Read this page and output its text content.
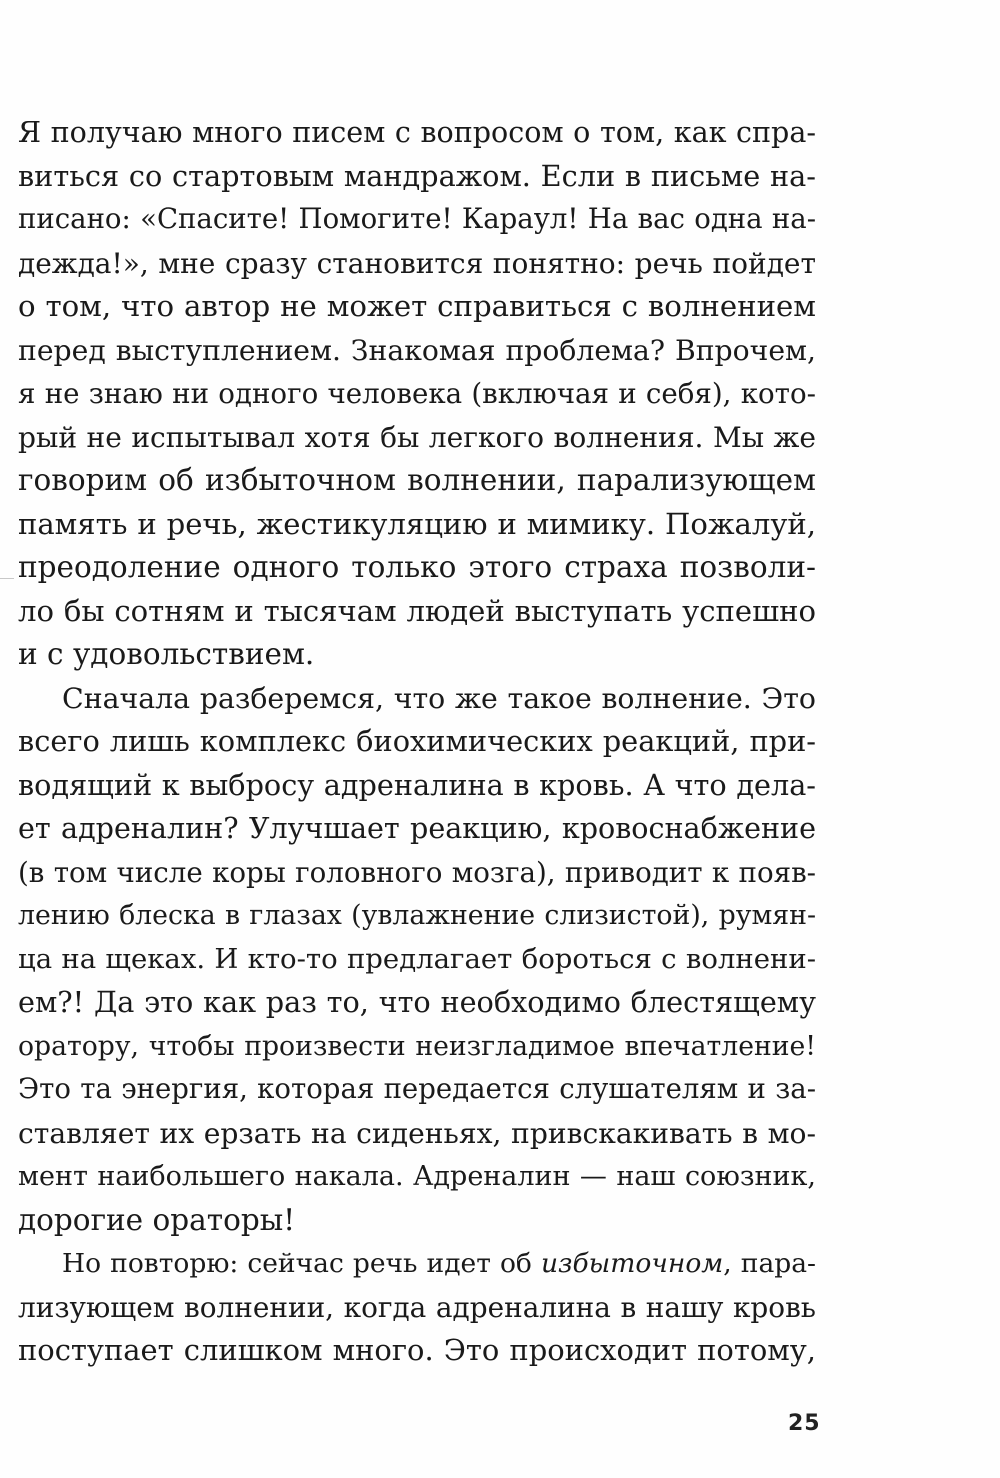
Я получаю много писем с вопросом о том, как спра-
виться со стартовым мандражом. Если в письме на-
писано: «Спасите! Помогите! Караул! На вас одна на-
дежда!», мне сразу становится понятно: речь пойдет
о том, что автор не может справиться с волнением
перед выступлением. Знакомая проблема? Впрочем,
я не знаю ни одного человека (включая и себя), кото-
рый не испытывал хотя бы легкого волнения. Мы же
говорим об избыточном волнении, парализующем
память и речь, жестикуляцию и мимику. Пожалуй,
преодоление одного только этого страха позволи-
ло бы сотням и тысячам людей выступать успешно
и с удовольствием.
Сначала разберемся, что же такое волнение. Это
всего лишь комплекс биохимических реакций, при-
водящий к выбросу адреналина в кровь. А что дела-
ет адреналин? Улучшает реакцию, кровоснабжение
(в том числе коры головного мозга), приводит к появ-
лению блеска в глазах (увлажнение слизистой), румян-
ца на щеках. И кто-то предлагает бороться с волнени-
ем?! Да это как раз то, что необходимо блестящему
оратору, чтобы произвести неизгладимое впечатление!
Это та энергия, которая передается слушателям и за-
ставляет их ерзать на сиденьях, привскакивать в мо-
мент наибольшего накала. Адреналин — наш союзник,
дорогие ораторы!
Но повторю: сейчас речь идет об избыточном, пара-
лизующем волнении, когда адреналина в нашу кровь
поступает слишком много. Это происходит потому,
25
